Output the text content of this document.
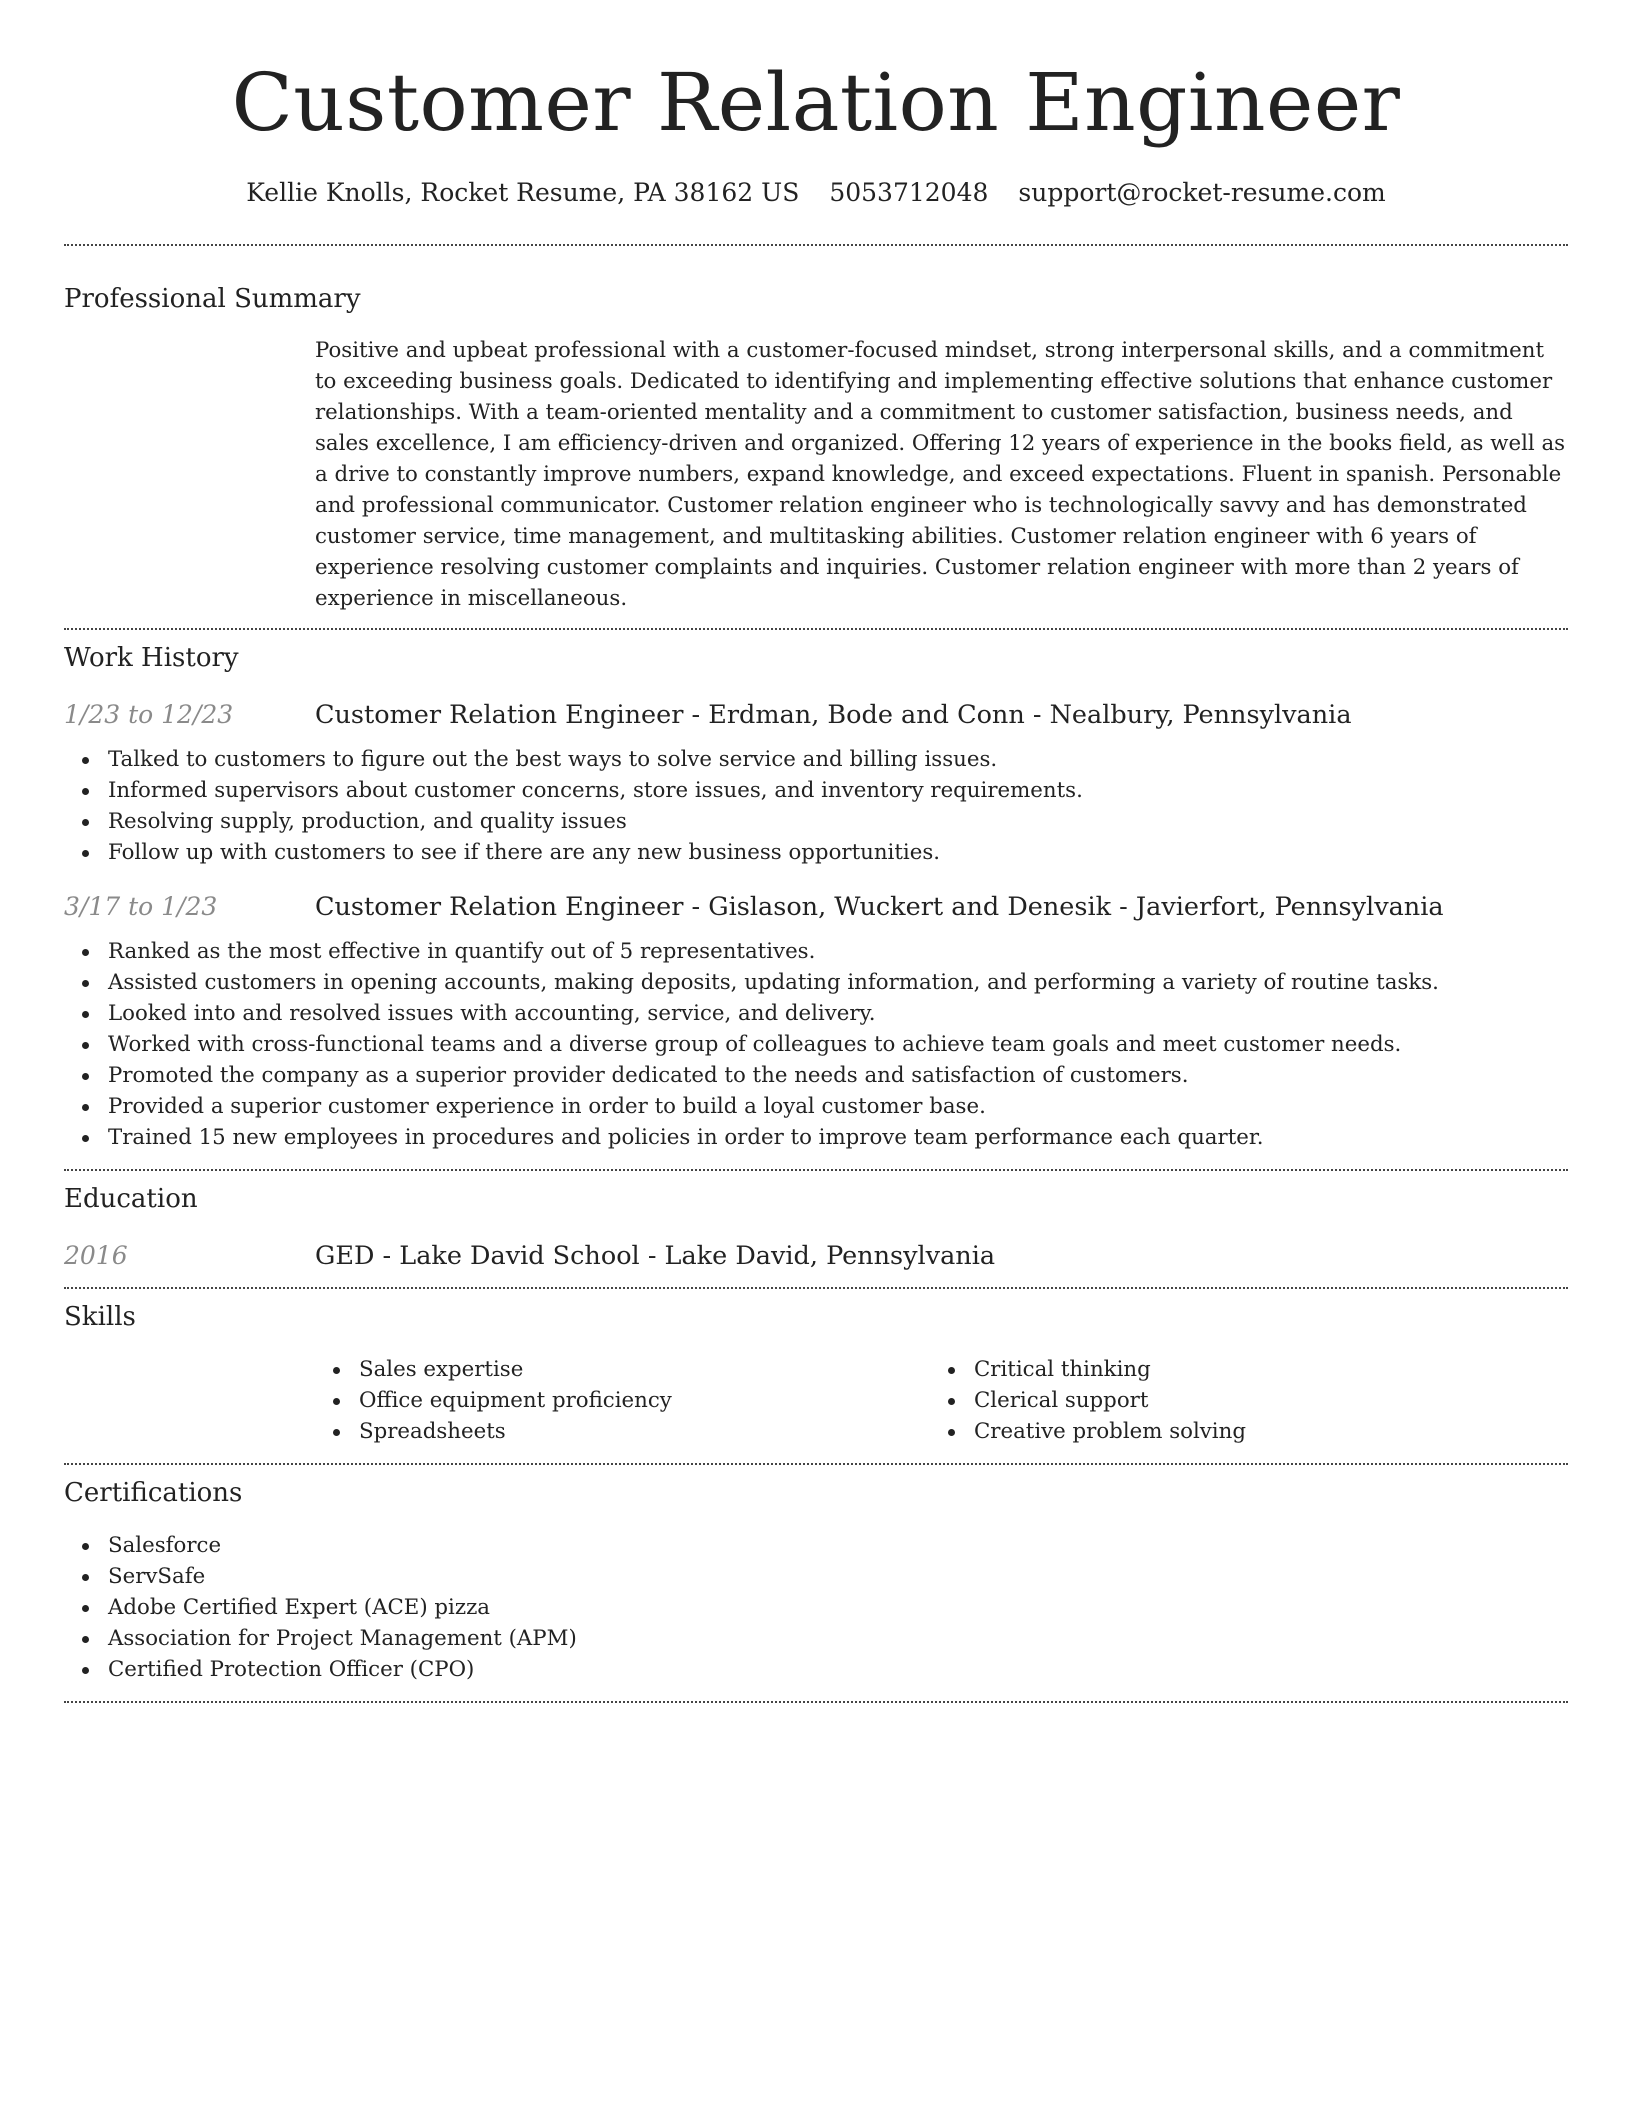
Customer Relation Engineer
Kellie Knolls, Rocket Resume, PA 38162 US 5053712048 support@rocket-resume.com
Professional Summary
Positive and upbeat professional with a customer-focused mindset, strong interpersonal skills, and a commitment to exceeding business goals. Dedicated to identifying and implementing effective solutions that enhance customer relationships. With a team-oriented mentality and a commitment to customer satisfaction, business needs, and sales excellence, I am efficiency-driven and organized. Offering 12 years of experience in the books field, as well as a drive to constantly improve numbers, expand knowledge, and exceed expectations. Fluent in spanish. Personable and professional communicator. Customer relation engineer who is technologically savvy and has demonstrated customer service, time management, and multitasking abilities. Customer relation engineer with 6 years of experience resolving customer complaints and inquiries. Customer relation engineer with more than 2 years of experience in miscellaneous.
Work History
1/23 to 12/23	Customer Relation Engineer - Erdman, Bode and Conn - Nealbury, Pennsylvania
Talked to customers to figure out the best ways to solve service and billing issues.
Informed supervisors about customer concerns, store issues, and inventory requirements.
Resolving supply, production, and quality issues
Follow up with customers to see if there are any new business opportunities.
3/17 to 1/23	Customer Relation Engineer - Gislason, Wuckert and Denesik - Javierfort, Pennsylvania
Ranked as the most effective in quantify out of 5 representatives.
Assisted customers in opening accounts, making deposits, updating information, and performing a variety of routine tasks.
Looked into and resolved issues with accounting, service, and delivery.
Worked with cross-functional teams and a diverse group of colleagues to achieve team goals and meet customer needs.
Promoted the company as a superior provider dedicated to the needs and satisfaction of customers.
Provided a superior customer experience in order to build a loyal customer base.
Trained 15 new employees in procedures and policies in order to improve team performance each quarter.
Education
2016	GED - Lake David School - Lake David, Pennsylvania
Skills
Sales expertise
Office equipment proficiency
Spreadsheets
Critical thinking
Clerical support
Creative problem solving
Certifications
Salesforce
ServSafe
Adobe Certified Expert (ACE) pizza
Association for Project Management (APM)
Certified Protection Officer (CPO)
